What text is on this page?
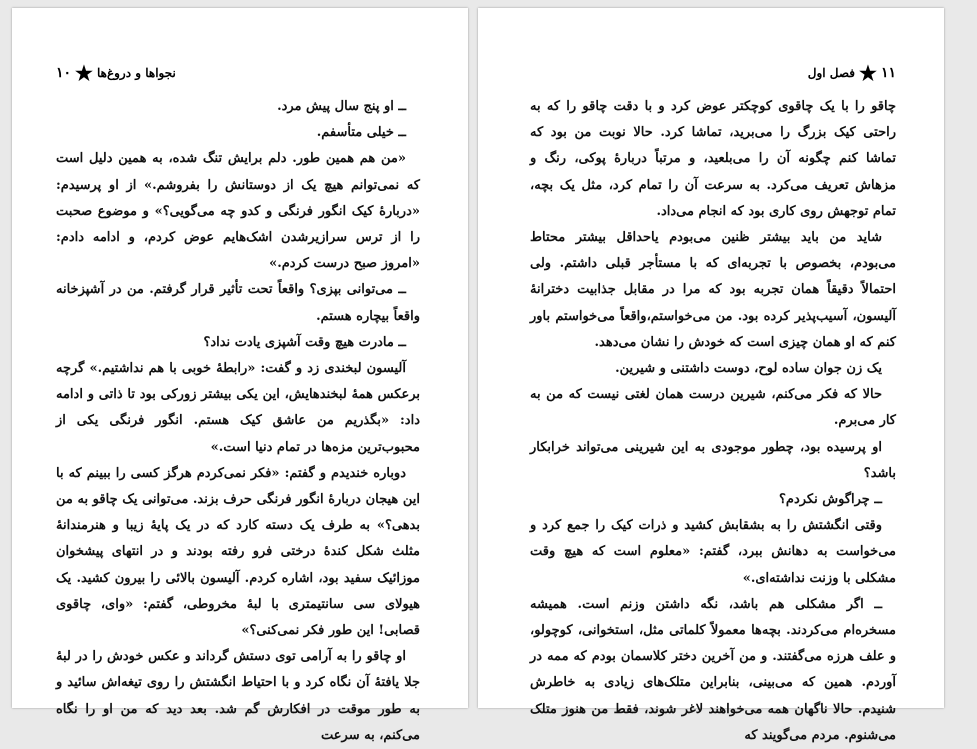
۱۱
★
فصل اول

چاقو را با یک چاقوی کوچکتر عوض کرد و با دقت چاقو را که به راحتی کیک بزرگ را می‌برید، تماشا کرد. حالا نوبت من بود که تماشا کنم چگونه آن را می‌بلعید، و مرتباً دربارهٔ پوکی، رنگ و مزهاش تعریف می‌کرد. به سرعت آن را تمام کرد، مثل یک بچه، تمام توجهش روی کاری بود که انجام می‌داد.

شاید من باید بیشتر ظنین می‌بودم یاحداقل بیشتر محتاط می‌بودم، بخصوص با تجربه‌ای که با مستأجر قبلی داشتم. ولی احتمالاً دقیقاً همان تجربه بود که مرا در مقابل جذابیت دخترانهٔ آلیسون، آسیب‌پذیر کرده بود. من می‌خواستم،واقعاً می‌خواستم باور کنم که او همان چیزی است که خودش را نشان می‌دهد.

یک زن جوان ساده لوح، دوست داشتنی و شیرین.

حالا که فکر می‌کنم، شیرین درست همان لغتی نیست که من به کار می‌برم.

او پرسیده بود، چطور موجودی به این شیرینی می‌تواند خرابکار باشد؟

ــ چراگوش نکردم؟

وقتی انگشتش را به بشقابش کشید و ذرات کیک را جمع کرد و می‌خواست به دهانش ببرد، گفتم: «معلوم است که هیچ وقت مشکلی با وزنت نداشته‌ای.»

ــ اگر مشکلی هم باشد، نگه داشتن وزنم است. همیشه مسخره‌ام می‌کردند. بچه‌ها معمولاً کلماتی مثل، استخوانی، کوچولو، و علف هرزه می‌گفتند. و من آخرین دختر کلاسمان بودم که ممه در آوردم. همین که می‌بینی، بنابراین متلک‌های زیادی به خاطرش شنیدم. حالا ناگهان همه می‌خواهند لاغر شوند، فقط من هنوز متلک می‌شنوم. مردم می‌گویند که

نجواها و دروغ‌ها
★
۱۰

ــ او پنج سال پیش مرد.

ــ خیلی متأسفم.

«من هم همین طور. دلم برایش تنگ شده، به همین دلیل است که نمی‌توانم هیچ یک از دوستانش را بفروشم.» از او پرسیدم: «دربارهٔ کیک انگور فرنگی و کدو چه می‌گویی؟» و موضوع صحبت را از ترس سرازیرشدن اشک‌هایم عوض کردم، و ادامه دادم: «امروز صبح درست کردم.»

ــ می‌توانی بپزی؟ واقعاً تحت تأثیر قرار گرفتم. من در آشپزخانه واقعاً بیچاره هستم.

ــ مادرت هیچ وقت آشپزی یادت نداد؟

آلیسون لبخندی زد و گفت: «رابطهٔ خوبی با هم نداشتیم.» گرچه برعکس همهٔ لبخندهایش، این یکی بیشتر زورکی بود تا ذاتی و ادامه داد: «بگذریم من عاشق کیک هستم. انگور فرنگی یکی از محبوب‌ترین مزه‌ها در تمام دنیا است.»

دوباره خندیدم و گفتم: «فکر نمی‌کردم هرگز کسی را ببینم که با این هیجان دربارهٔ انگور فرنگی حرف بزند. می‌توانی یک چاقو به من بدهی؟» به طرف یک دسته کارد که در یک پایهٔ زیبا و هنرمندانهٔ مثلث شکل کندهٔ درختی فرو رفته بودند و در انتهای پیشخوان موزائیک سفید بود، اشاره کردم. آلیسون بالائی را بیرون کشید. یک هیولای سی سانتیمتری با لبهٔ مخروطی، گفتم: «وای، چاقوی قصابی! این طور فکر نمی‌کنی؟»

او چاقو را به آرامی توی دستش گرداند و عکس خودش را در لبهٔ جلا یافتهٔ آن نگاه کرد و با احتیاط انگشتش را روی تیغه‌اش سائید و به طور موقت در افکارش گم شد. بعد دید که من او را نگاه می‌کنم، به سرعت
